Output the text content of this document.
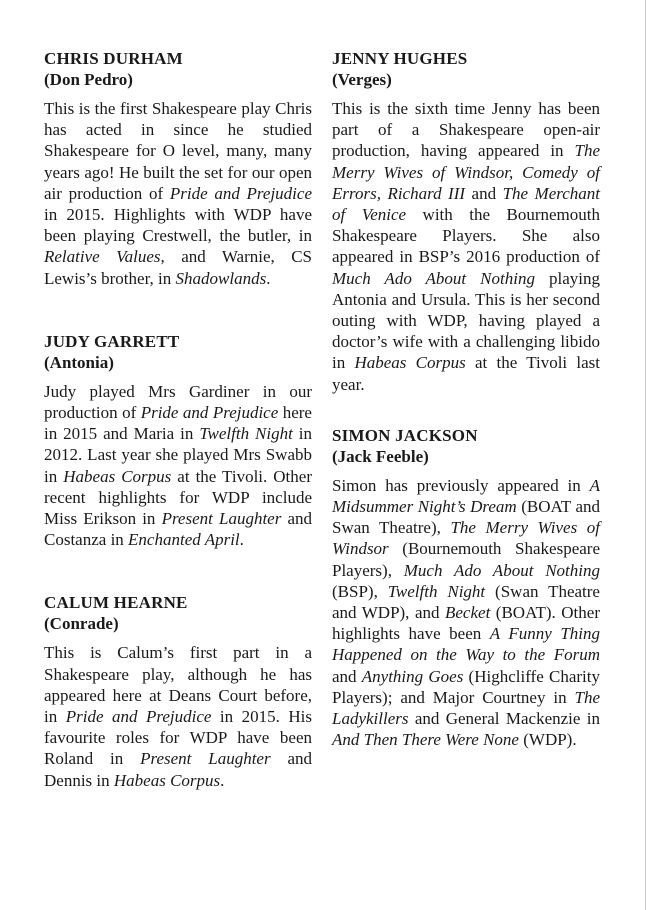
CHRIS DURHAM
(Don Pedro)

This is the first Shakespeare play Chris has acted in since he studied Shakespeare for O level, many, many years ago! He built the set for our open air production of Pride and Prejudice in 2015. Highlights with WDP have been playing Crestwell, the butler, in Relative Values, and Warnie, CS Lewis’s brother, in Shadowlands.

JUDY GARRETT
(Antonia)

Judy played Mrs Gardiner in our production of Pride and Prejudice here in 2015 and Maria in Twelfth Night in 2012. Last year she played Mrs Swabb in Habeas Corpus at the Tivoli. Other recent highlights for WDP include Miss Erikson in Present Laughter and Costanza in Enchanted April.

CALUM HEARNE
(Conrade)

This is Calum’s first part in a Shakespeare play, although he has appeared here at Deans Court before, in Pride and Prejudice in 2015. His favourite roles for WDP have been Roland in Present Laughter and Dennis in Habeas Corpus.

JENNY HUGHES
(Verges)

This is the sixth time Jenny has been part of a Shakespeare open-air production, having appeared in The Merry Wives of Windsor, Comedy of Errors, Richard III and The Merchant of Venice with the Bournemouth Shakespeare Players. She also appeared in BSP’s 2016 production of Much Ado About Nothing playing Antonia and Ursula. This is her second outing with WDP, having played a doctor’s wife with a challenging libido in Habeas Corpus at the Tivoli last year.

SIMON JACKSON
(Jack Feeble)

Simon has previously appeared in A Midsummer Night’s Dream (BOAT and Swan Theatre), The Merry Wives of Windsor (Bournemouth Shakespeare Players), Much Ado About Nothing (BSP), Twelfth Night (Swan Theatre and WDP), and Becket (BOAT). Other highlights have been A Funny Thing Happened on the Way to the Forum and Anything Goes (Highcliffe Charity Players); and Major Courtney in The Ladykillers and General Mackenzie in And Then There Were None (WDP).
